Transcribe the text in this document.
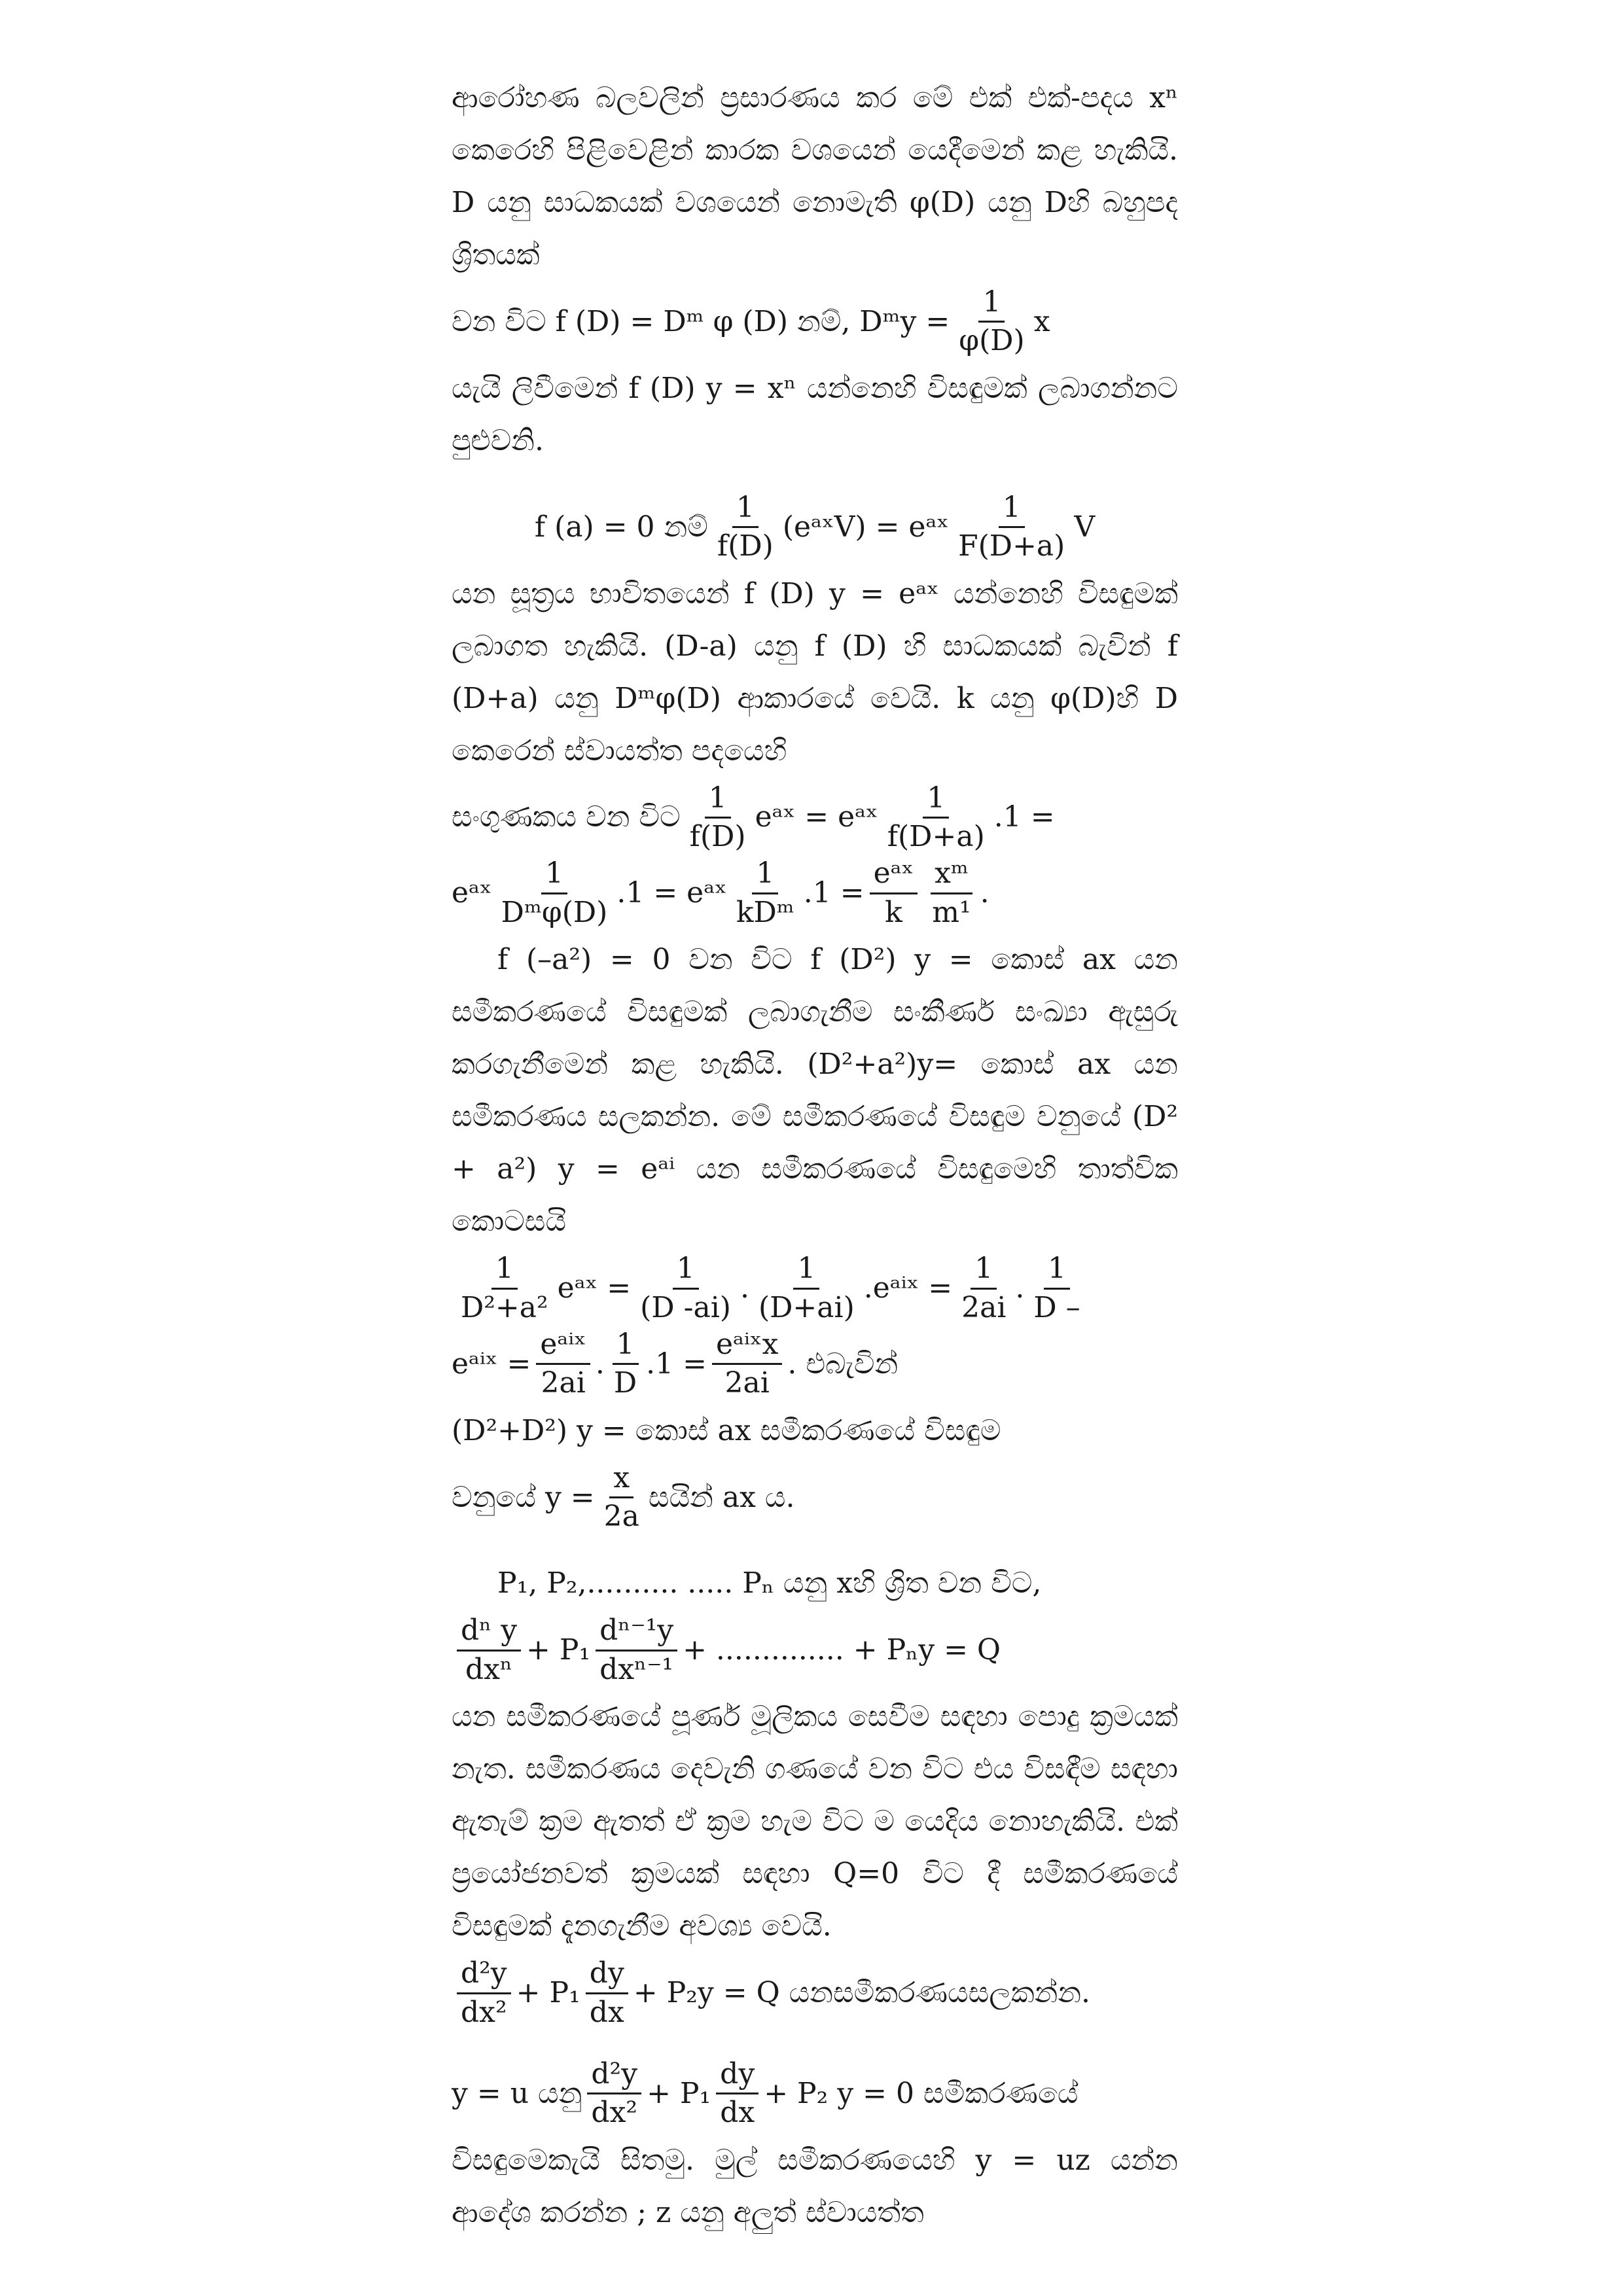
ආරෝහණ බලවලින් ප්‍රසාරණය කර මේ එක් එක්-පදය xⁿ කෙරෙහි පිළිවෙළින් කාරක වශයෙන් යෙදීමෙන් කළ හැකියි. D යනු සාධකයක් වශයෙන් නොමැති φ(D) යනු Dහි බහුපද ශ්‍රිතයක්

වන විට f (D) = Dᵐ φ (D) නම්, Dᵐy = $\frac{1}{\varphi(D)}$ x

යැයි ලිවීමෙන් f (D) y = xⁿ යන්නෙහි විසඳුමක් ලබාගන්නට පුළුවනි.

f (a) = 0 නම් $\frac{1}{f(D)}$ (eᵃˣV) = eᵃˣ $\frac{1}{F(D+a)}$ V

යන සූත්‍රය භාවිතයෙන් f (D) y = eᵃˣ යන්නෙහි විසඳුමක් ලබාගත හැකියි. (D-a) යනු f (D) හි සාධකයක් බැවින් f (D+a) යනු Dᵐφ(D) ආකාරයේ වෙයි. k යනු φ(D)හි D කෙරෙන් ස්වායත්ත පදයෙහි

සංගුණකය වන විට $\frac{1}{f(D)}$ eᵃˣ = eᵃˣ $\frac{1}{f(D+a)} .1$ =
eᵃˣ $\frac{1}{\text{Dᵐφ(D)}} .1$ = eᵃˣ $\frac{1}{\text{kDᵐ}} .1 = \frac{\text{eᵃˣ}}{k} \frac{\text{xᵐ}}{\text{m¹}}$ .

f (–a²) = 0 වන විට f (D²) y = කොස් ax යන සමීකරණයේ විසඳුමක් ලබාගැනීම සංකීර්ණ සංඛ්‍යා ඇසුරු කරගැනීමෙන් කළ හැකියි. (D²+a²)y= කොස් ax යන සමීකරණය සලකන්න. මේ සමීකරණයේ විසඳුම වනුයේ (D² + a²) y = eᵃⁱ යන සමීකරණයේ විසඳුමෙහි තාත්වික කොටසයි

$\frac{1}{\text{D²+a²}}$ eᵃˣ = $\frac{1}{(D -ai)}$ . $\frac{1}{(D+ai)}$ .eᵃⁱˣ = $\frac{1}{2ai}$ . $\frac{1}{D -}$
eᵃⁱˣ = $\frac{\text{eᵃⁱˣ}}{2ai}$ . $\frac{1}{D} .1 = \frac{\text{eᵃⁱˣx}}{2ai}$ . එබැවින්

(D²+D²) y = කොස් ax සමීකරණයේ විසඳුම

වනුයේ $y = \frac{x}{2a}$ සයින් ax ය.

P₁, P₂,.......... ..... Pₙ යනු xහි ශ්‍රිත වන විට,

$\frac{\text{dⁿ y}}{\text{dxⁿ}} + P_1 \frac{\text{dⁿ⁻¹y}}{\text{dxⁿ⁻¹}}$ + .............. + Pₙy = Q

යන සමීකරණයේ පූර්ණ මූලිකය සෙවීම සඳහා පොදු ක්‍රමයක් නැත. සමීකරණය දෙවැනි ගණයේ වන විට එය විසඳීම සඳහා ඇතැම් ක්‍රම ඇතත් ඒ ක්‍රම හැම විට ම යෙදිය නොහැකියි. එක් ප්‍රයෝජනවත් ක්‍රමයක් සඳහා Q=0 විට දී සමීකරණයේ විසඳුමක් දැනගැනීම අවශ්‍ය වෙයි.

$\frac{\text{d²y}}{\text{dx²}} + P_1 \frac{dy}{dx} + P_2y = Q$ යනසමීකරණයසලකන්න.
y = u යනු $\frac{\text{d²y}}{\text{dx²}} + P_1 \frac{dy}{dx} + P_2$ y = 0 සමීකරණයේ

විසඳුමෙකැයි සිතමු. මුල් සමීකරණයෙහි y = uz යන්න ආදේශ කරන්න ; z යනු අලුත් ස්වායත්ත
